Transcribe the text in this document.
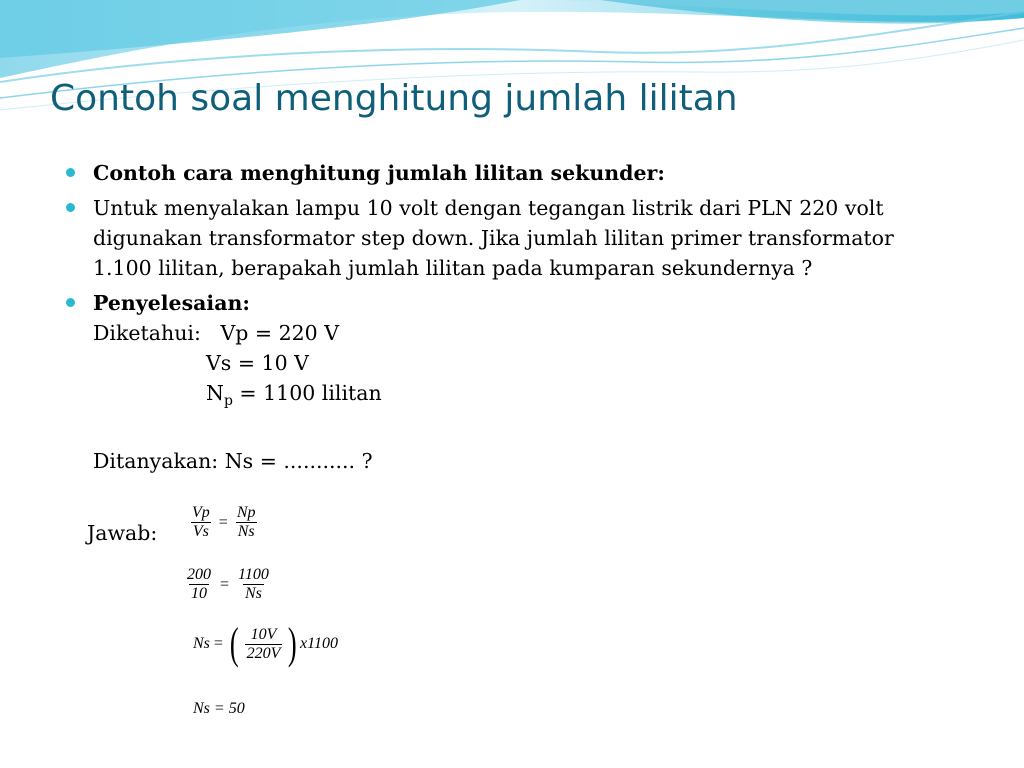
Contoh soal menghitung jumlah lilitan
Contoh cara menghitung jumlah lilitan sekunder:
Untuk menyalakan lampu 10 volt dengan tegangan listrik dari PLN 220 volt
digunakan transformator step down. Jika jumlah lilitan primer transformator
1.100 lilitan, berapakah jumlah lilitan pada kumparan sekundernya ?
Penyelesaian:
Diketahui: Vp = 220 V
Vs = 10 V
$N_p = 1100$ lilitan
Ditanyakan: Ns = ........... ?
Jawab: $\frac{Vp}{Vs} = \frac{Np}{Ns}$
$\frac{200}{10} = \frac{1100}{Ns}$
Ns = ( $\frac{10V}{220V}$ ) x1100
Ns = 50
